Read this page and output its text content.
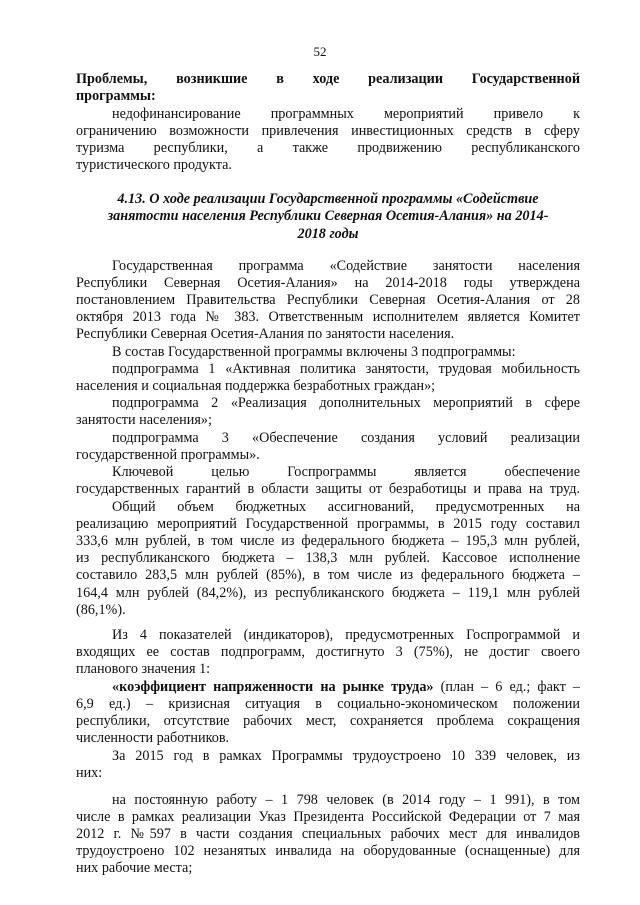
52
Проблемы, возникшие в ходе реализации Государственной
программы:
недофинансирование программных мероприятий привело к
ограничению возможности привлечения инвестиционных средств в сферу
туризма республики, а также продвижению республиканского
туристического продукта.
4.13. О ходе реализации Государственной программы «Содействие
занятости населения Республики Северная Осетия-Алания» на 2014-
2018 годы
Государственная программа «Содействие занятости населения
Республики Северная Осетия-Алания» на 2014-2018 годы утверждена
постановлением Правительства Республики Северная Осетия-Алания от 28
октября 2013 года № 383. Ответственным исполнителем является Комитет
Республики Северная Осетия-Алания по занятости населения.
В состав Государственной программы включены 3 подпрограммы:
подпрограмма 1 «Активная политика занятости, трудовая мобильность
населения и социальная поддержка безработных граждан»;
подпрограмма 2 «Реализация дополнительных мероприятий в сфере
занятости населения»;
подпрограмма 3 «Обеспечение создания условий реализации
государственной программы».
Ключевой целью Госпрограммы является обеспечение
государственных гарантий в области защиты от безработицы и права на труд.
Общий объем бюджетных ассигнований, предусмотренных на
реализацию мероприятий Государственной программы, в 2015 году составил
333,6 млн рублей, в том числе из федерального бюджета – 195,3 млн рублей,
из республиканского бюджета – 138,3 млн рублей. Кассовое исполнение
составило 283,5 млн рублей (85%), в том числе из федерального бюджета –
164,4 млн рублей (84,2%), из республиканского бюджета – 119,1 млн рублей
(86,1%).
Из 4 показателей (индикаторов), предусмотренных Госпрограммой и
входящих ее состав подпрограмм, достигнуто 3 (75%), не достиг своего
планового значения 1:
«коэффициент напряженности на рынке труда» (план – 6 ед.; факт –
6,9 ед.) – кризисная ситуация в социально-экономическом положении
республики, отсутствие рабочих мест, сохраняется проблема сокращения
численности работников.
За 2015 год в рамках Программы трудоустроено 10 339 человек, из
них:
на постоянную работу – 1 798 человек (в 2014 году – 1 991), в том
числе в рамках реализации Указ Президента Российской Федерации от 7 мая
2012 г. №597 в части создания специальных рабочих мест для инвалидов
трудоустроено 102 незанятых инвалида на оборудованные (оснащенные) для
них рабочие места;
